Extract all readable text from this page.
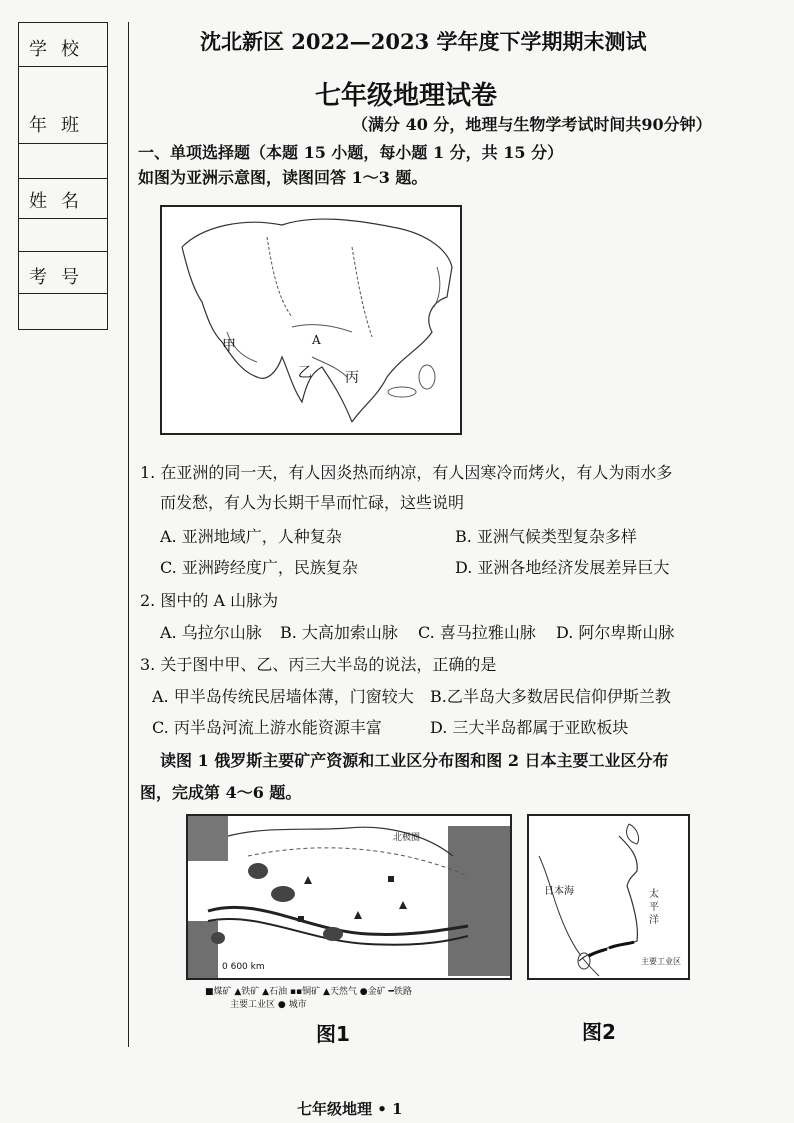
学校
年班
姓名
考号
沈北新区 2022—2023 学年度下学期期末测试
七年级地理试卷
（满分 40 分，地理与生物学考试时间共90分钟）
一、单项选择题（本题 15 小题，每小题 1 分，共 15 分）
如图为亚洲示意图，读图回答 1～3 题。
甲
乙 丙
A
1. 在亚洲的同一天，有人因炎热而纳凉，有人因寒冷而烤火，有人为雨水多
而发愁，有人为长期干旱而忙碌，这些说明
A. 亚洲地域广，人种复杂	B. 亚洲气候类型复杂多样
C. 亚洲跨经度广，民族复杂	D. 亚洲各地经济发展差异巨大
2. 图中的 A 山脉为
A. 乌拉尔山脉 B. 大高加索山脉 C. 喜马拉雅山脉 D. 阿尔卑斯山脉
3. 关于图中甲、乙、丙三大半岛的说法，正确的是
A. 甲半岛传统民居墙体薄，门窗较大 B.乙半岛大多数居民信仰伊斯兰教
C. 丙半岛河流上游水能资源丰富	D. 三大半岛都属于亚欧板块
读图 1 俄罗斯主要矿产资源和工业区分布图和图 2 日本主要工业区分布
图，完成第 4～6 题。
北极圈
0 600 km
■煤矿 ▲铁矿 ▲石油 ▪▪铜矿 ▲天然气 ●金矿 ━铁路
主要工业区 ● 城市
图1
日本海	太平洋
主要工业区
图2
七年级地理 • 1
